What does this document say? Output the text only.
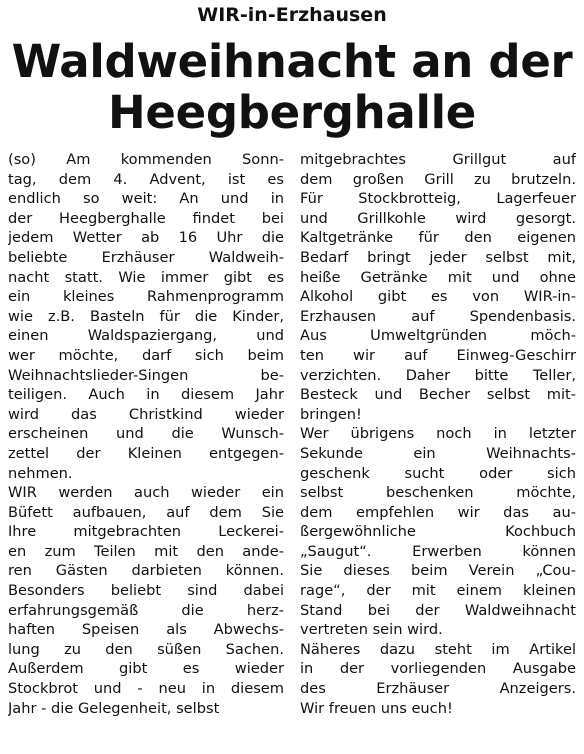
WIR-in-Erzhausen
Waldweihnacht an der
Heegberghalle
(so) Am kommenden Sonn-
tag, dem 4. Advent, ist es
endlich so weit: An und in
der Heegberghalle findet bei
jedem Wetter ab 16 Uhr die
beliebte Erzhäuser Waldweih-
nacht statt. Wie immer gibt es
ein kleines Rahmenprogramm
wie z.B. Basteln für die Kinder,
einen Waldspaziergang, und
wer möchte, darf sich beim
Weihnachtslieder-Singen be-
teiligen. Auch in diesem Jahr
wird das Christkind wieder
erscheinen und die Wunsch-
zettel der Kleinen entgegen-
nehmen.
WIR werden auch wieder ein
Büfett aufbauen, auf dem Sie
Ihre mitgebrachten Leckerei-
en zum Teilen mit den ande-
ren Gästen darbieten können.
Besonders beliebt sind dabei
erfahrungsgemäß die herz-
haften Speisen als Abwechs-
lung zu den süßen Sachen.
Außerdem gibt es wieder
Stockbrot und - neu in diesem
Jahr - die Gelegenheit, selbst
mitgebrachtes Grillgut auf
dem großen Grill zu brutzeln.
Für Stockbrotteig, Lagerfeuer
und Grillkohle wird gesorgt.
Kaltgetränke für den eigenen
Bedarf bringt jeder selbst mit,
heiße Getränke mit und ohne
Alkohol gibt es von WIR-in-
Erzhausen auf Spendenbasis.
Aus Umweltgründen möch-
ten wir auf Einweg-Geschirr
verzichten. Daher bitte Teller,
Besteck und Becher selbst mit-
bringen!
Wer übrigens noch in letzter
Sekunde ein Weihnachts-
geschenk sucht oder sich
selbst beschenken möchte,
dem empfehlen wir das au-
ßergewöhnliche Kochbuch
„Saugut“. Erwerben können
Sie dieses beim Verein „Cou-
rage“, der mit einem kleinen
Stand bei der Waldweihnacht
vertreten sein wird.
Näheres dazu steht im Artikel
in der vorliegenden Ausgabe
des Erzhäuser Anzeigers.
Wir freuen uns euch!
